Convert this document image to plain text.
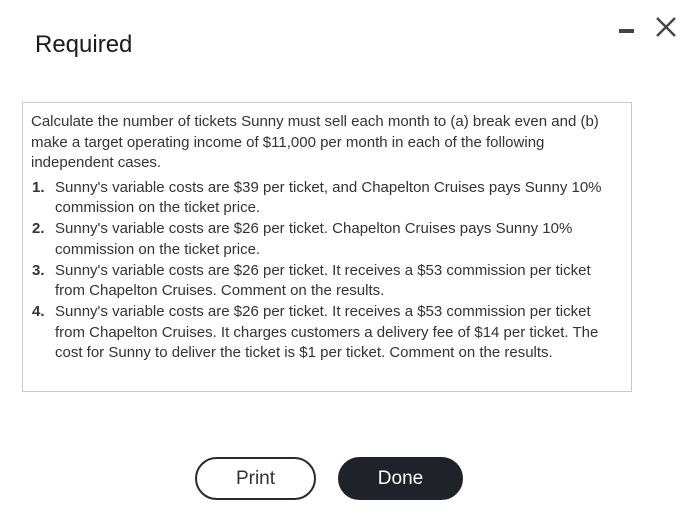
Required

Calculate the number of tickets Sunny must sell each month to (a) break even and (b) make a target operating income of $11,000 per month in each of the following independent cases.

1. Sunny's variable costs are $39 per ticket, and Chapelton Cruises pays Sunny 10% commission on the ticket price.
2. Sunny's variable costs are $26 per ticket. Chapelton Cruises pays Sunny 10% commission on the ticket price.
3. Sunny's variable costs are $26 per ticket. It receives a $53 commission per ticket from Chapelton Cruises. Comment on the results.
4. Sunny's variable costs are $26 per ticket. It receives a $53 commission per ticket from Chapelton Cruises. It charges customers a delivery fee of $14 per ticket. The cost for Sunny to deliver the ticket is $1 per ticket. Comment on the results.
Print	Done
